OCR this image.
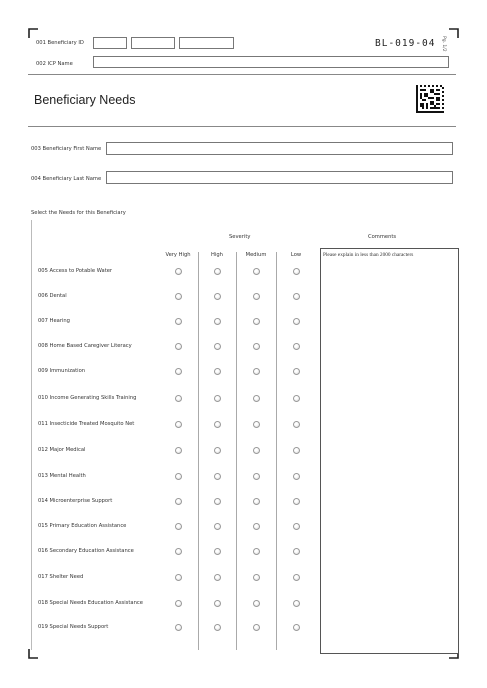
001 Beneficiary ID	BL-019-04 Pg. 1/2
002 ICP Name
Beneficiary Needs
003 Beneficiary First Name
004 Beneficiary Last Name
Select the Needs for this Beneficiary
Severity	Comments
Very High	High	Medium	Low	Please explain in less than 2000 characters
005 Access to Potable Water
006 Dental
007 Hearing
008 Home Based Caregiver Literacy
009 Immunization
010 Income Generating Skills Training
011 Insecticide Treated Mosquito Net
012 Major Medical
013 Mental Health
014 Microenterprise Support
015 Primary Education Assistance
016 Secondary Education Assistance
017 Shelter Need
018 Special Needs Education Assistance
019 Special Needs Support
